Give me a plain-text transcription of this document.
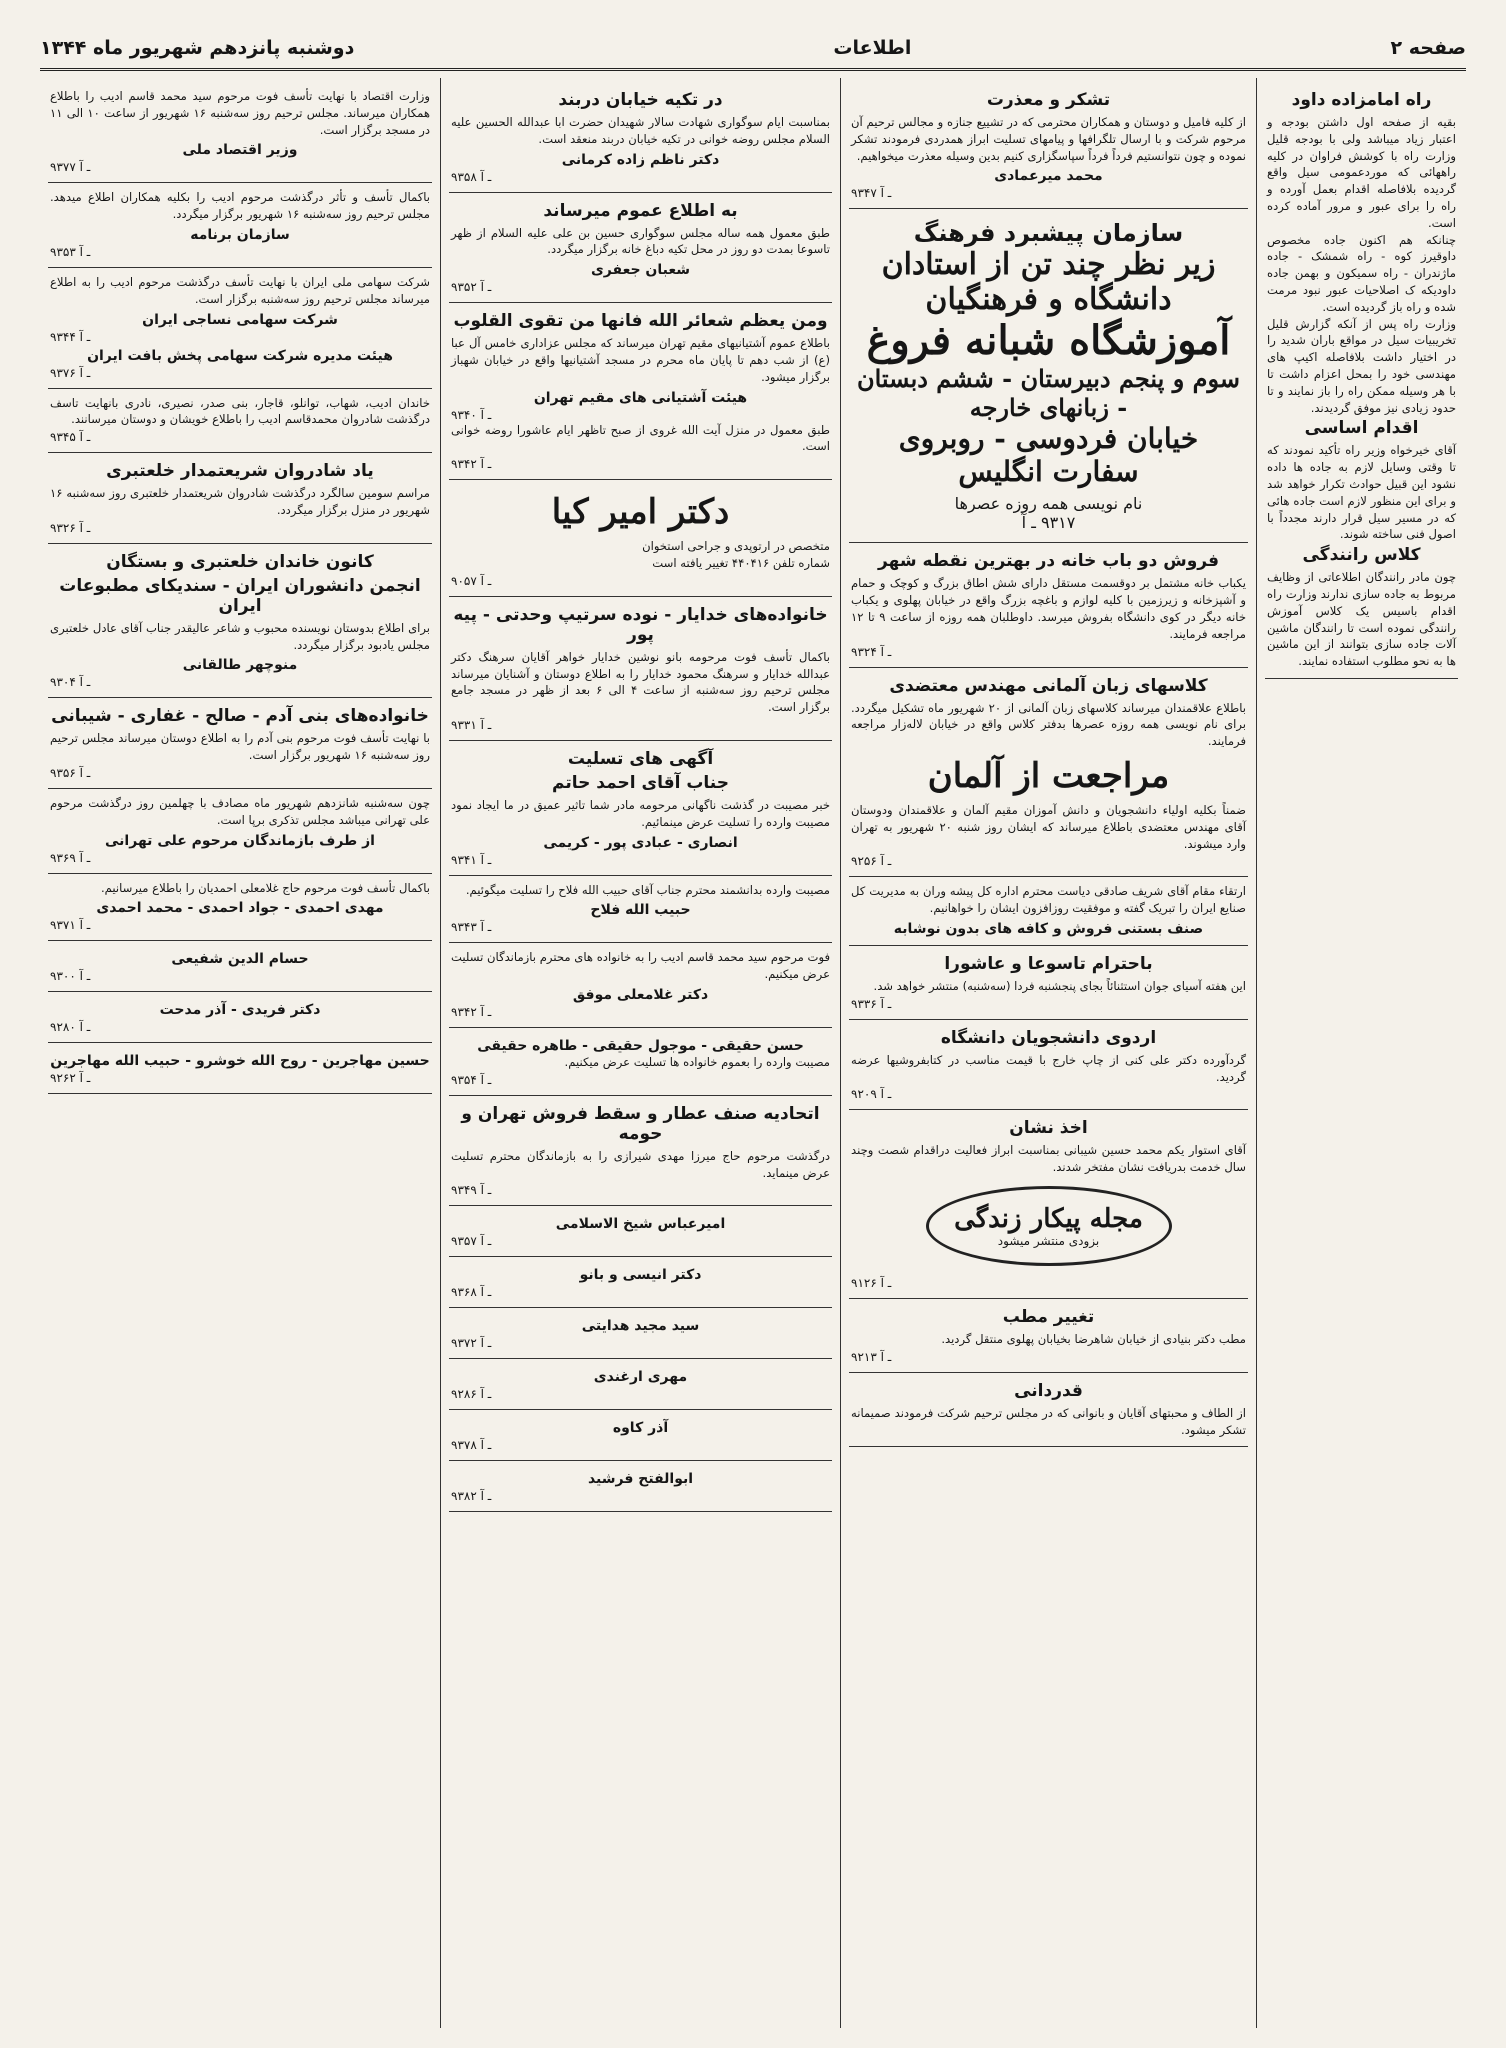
صفحه ۲
اطلاعات
دوشنبه پانزدهم شهریور ماه ۱۳۴۴
راه امامزاده داود

بقیه از صفحه اول داشتن بودجه و اعتبار زیاد میباشد ولی با بودجه قلیل وزارت راه با کوشش فراوان در کلیه راههائی که موردعمومی سیل واقع گردیده بلافاصله اقدام بعمل آورده و راه را برای عبور و مرور آماده کرده است.

چنانکه هم اکنون جاده مخصوص داوقیرز کوه - راه شمشک - جاده ماژندران - راه سمیکون و بهمن جاده داودیکه ک اصلاحیات عبور نبود مرمت شده و راه باز گردیده است.

وزارت راه پس از آنکه گزارش قلیل تخریبیات سیل در مواقع باران شدید را در اختیار داشت بلافاصله اکیپ های مهندسی خود را بمحل اعزام داشت تا با هر وسیله ممکن راه را باز نمایند و تا حدود زیادی نیز موفق گردیدند.

اقدام اساسی

آقای خیرخواه وزیر راه تأکید نمودند که تا وقتی وسایل لازم به جاده ها داده نشود این قبیل حوادث تکرار خواهد شد و برای این منظور لازم است جاده هائی که در مسیر سیل قرار دارند مجدداً با اصول فنی ساخته شوند.

کلاس رانندگی

چون مادر رانندگان اطلاعاتی از وظایف مربوط به جاده سازی ندارند وزارت راه اقدام باسیس یک کلاس آموزش رانندگی نموده است تا رانندگان ماشین آلات جاده سازی بتوانند از این ماشین ها به نحو مطلوب استفاده نمایند.

تشکر و معذرت

از کلیه فامیل و دوستان و همکاران محترمی که در تشییع جنازه و مجالس ترحیم آن مرحوم شرکت و با ارسال تلگرافها و پیامهای تسلیت ابراز همدردی فرمودند تشکر نموده و چون نتوانستیم فرداً فرداً سپاسگزاری کنیم بدین وسیله معذرت میخواهیم.

محمد میرعمادی
۹۳۴۷ ـ آ
سازمان پیشبرد فرهنگ
زیر نظر چند تن از استادان دانشگاه و فرهنگیان
آموزشگاه شبانه فروغ
سوم و پنجم دبیرستان - ششم دبستان - زبانهای خارجه
خیابان فردوسی - روبروی سفارت انگلیس
نام نویسی همه روزه عصرها
۹۳۱۷ ـ آ
فروش دو باب خانه در بهترین نقطه شهر

یکباب خانه مشتمل بر دوقسمت مستقل دارای شش اطاق بزرگ و کوچک و حمام و آشپزخانه و زیرزمین با کلیه لوازم و باغچه بزرگ واقع در خیابان پهلوی و یکباب خانه دیگر در کوی دانشگاه بفروش میرسد. داوطلبان همه روزه از ساعت ۹ تا ۱۲ مراجعه فرمایند.

۹۳۲۴ ـ آ
کلاسهای زبان آلمانی مهندس معتضدی

باطلاع علاقمندان میرساند کلاسهای زبان آلمانی از ۲۰ شهریور ماه تشکیل میگردد. برای نام نویسی همه روزه عصرها بدفتر کلاس واقع در خیابان لاله‌زار مراجعه فرمایند.

مراجعت از آلمان

ضمناً بکلیه اولیاء دانشجویان و دانش آموزان مقیم آلمان و علاقمندان ودوستان آقای مهندس معتضدی باطلاع میرساند که ایشان روز شنبه ۲۰ شهریور به تهران وارد میشوند.

۹۲۵۶ ـ آ

ارتقاء مقام آقای شریف صادقی دیاست محترم اداره کل پیشه وران به مدیریت کل صنایع ایران را تبریک گفته و موفقیت روزافزون ایشان را خواهانیم.

صنف بستنی فروش و کافه های بدون نوشابه
باحترام تاسوعا و عاشورا

این هفته آسیای جوان استثنائاً بجای پنجشنبه فردا (سه‌شنبه) منتشر خواهد شد.

۹۳۳۶ ـ آ
اردوی دانشجویان دانشگاه

گردآورده دکتر علی کنی از چاپ خارج با قیمت مناسب در کتابفروشیها عرضه گردید.

۹۲۰۹ ـ آ
اخذ نشان

آقای استوار یکم محمد حسین شیبانی بمناسبت ابراز فعالیت دراقدام شصت وچند سال خدمت بدریافت نشان مفتخر شدند.

مجله پیکار زندگی
بزودی منتشر میشود
۹۱۲۶ ـ آ
تغییر مطب

مطب دکتر بنیادی از خیابان شاهرضا بخیابان پهلوی منتقل گردید.

۹۲۱۳ ـ آ
قدردانی

از الطاف و محبتهای آقایان و بانوانی که در مجلس ترحیم شرکت فرمودند صمیمانه تشکر میشود.

در تکیه خیابان دربند

بمناسبت ایام سوگواری شهادت سالار شهیدان حضرت ابا عبدالله الحسین علیه السلام مجلس روضه خوانی در تکیه خیابان دربند منعقد است.

دکتر ناظم زاده کرمانی
۹۳۵۸ ـ آ
به اطلاع عموم میرساند

طبق معمول همه ساله مجلس سوگواری حسین بن علی علیه السلام از ظهر تاسوعا بمدت دو روز در محل تکیه دباغ خانه برگزار میگردد.

شعبان جعفری
۹۳۵۲ ـ آ
ومن یعظم شعائر الله فانها من تقوی القلوب

باطلاع عموم آشتیانیهای مقیم تهران میرساند که مجلس عزاداری خامس آل عبا (ع) از شب دهم تا پایان ماه محرم در مسجد آشتیانیها واقع در خیابان شهباز برگزار میشود.

هیئت آشتیانی های مقیم تهران
۹۳۴۰ ـ آ

طبق معمول در منزل آیت الله غروی از صبح تاظهر ایام عاشورا روضه خوانی است.

۹۳۴۲ ـ آ
دکتر امیر کیا

متخصص در ارتوپدی و جراحی استخوان

شماره تلفن ۴۴۰۴۱۶ تغییر یافته است

۹۰۵۷ ـ آ
خانواده‌های خدایار - نوده سرتیپ وحدتی - پیه پور

باکمال تأسف فوت مرحومه بانو نوشین خدایار خواهر آقایان سرهنگ دکتر عبدالله خدایار و سرهنگ محمود خدایار را به اطلاع دوستان و آشنایان میرساند مجلس ترحیم روز سه‌شنبه از ساعت ۴ الی ۶ بعد از ظهر در مسجد جامع برگزار است.

۹۳۳۱ ـ آ
آگهی های تسلیت
جناب آقای احمد حاتم

خبر مصیبت در گذشت ناگهانی مرحومه مادر شما تاثیر عمیق در ما ایجاد نمود مصیبت وارده را تسلیت عرض مینمائیم.

انصاری - عبادی پور - کریمی
۹۳۴۱ ـ آ

مصیبت وارده بدانشمند محترم جناب آقای حبیب الله فلاح را تسلیت میگوئیم.

حبیب الله فلاح
۹۳۴۳ ـ آ

فوت مرحوم سید محمد قاسم ادیب را به خانواده های محترم بازماندگان تسلیت عرض میکنیم.

دکتر غلامعلی موفق
۹۳۴۲ ـ آ
حسن حقیقی - موجول حقیقی - طاهره حقیقی

مصیبت وارده را بعموم خانواده ها تسلیت عرض میکنیم.

۹۳۵۴ ـ آ
اتحادیه صنف عطار و سقط فروش تهران و حومه

درگذشت مرحوم حاج میرزا مهدی شیرازی را به بازماندگان محترم تسلیت عرض مینماید.

۹۳۴۹ ـ آ
امیرعباس شیخ الاسلامی
۹۳۵۷ ـ آ
دکتر انیسی و بانو
۹۳۶۸ ـ آ
سید مجید هدایتی
۹۳۷۲ ـ آ
مهری ارغندی
۹۲۸۶ ـ آ
آذر کاوه
۹۳۷۸ ـ آ
ابوالفتح فرشید
۹۳۸۲ ـ آ

وزارت اقتصاد با نهایت تأسف فوت مرحوم سید محمد قاسم ادیب را باطلاع همکاران میرساند. مجلس ترحیم روز سه‌شنبه ۱۶ شهریور از ساعت ۱۰ الی ۱۱ در مسجد برگزار است.

وزیر اقتصاد ملی
۹۳۷۷ ـ آ

باکمال تأسف و تأثر درگذشت مرحوم ادیب را بکلیه همکاران اطلاع میدهد. مجلس ترحیم روز سه‌شنبه ۱۶ شهریور برگزار میگردد.

سازمان برنامه
۹۳۵۳ ـ آ

شرکت سهامی ملی ایران با نهایت تأسف درگذشت مرحوم ادیب را به اطلاع میرساند مجلس ترحیم روز سه‌شنبه برگزار است.

شرکت سهامی نساجی ایران
۹۳۴۴ ـ آ
هیئت مدیره شرکت سهامی پخش بافت ایران
۹۳۷۶ ـ آ

خاندان ادیب، شهاب، توانلو، قاجار، بنی صدر، نصیری، نادری بانهایت تاسف درگذشت شادروان محمدقاسم ادیب را باطلاع خویشان و دوستان میرسانند.

۹۳۴۵ ـ آ
یاد شادروان شریعتمدار خلعتبری

مراسم سومین سالگرد درگذشت شادروان شریعتمدار خلعتبری روز سه‌شنبه ۱۶ شهریور در منزل برگزار میگردد.

۹۳۲۶ ـ آ
کانون خاندان خلعتبری و بستگان
انجمن دانشوران ایران - سندیکای مطبوعات ایران

برای اطلاع بدوستان نویسنده محبوب و شاعر عالیقدر جناب آقای عادل خلعتبری مجلس یادبود برگزار میگردد.

منوچهر طالقانی
۹۳۰۴ ـ آ
خانواده‌های بنی آدم - صالح - غفاری - شیبانی

با نهایت تأسف فوت مرحوم بنی آدم را به اطلاع دوستان میرساند مجلس ترحیم روز سه‌شنبه ۱۶ شهریور برگزار است.

۹۳۵۶ ـ آ

چون سه‌شنبه شانزدهم شهریور ماه مصادف با چهلمین روز درگذشت مرحوم علی تهرانی میباشد مجلس تذکری برپا است.

از طرف بازماندگان مرحوم علی تهرانی
۹۳۶۹ ـ آ

باکمال تأسف فوت مرحوم حاج غلامعلی احمدیان را باطلاع میرسانیم.

مهدی احمدی - جواد احمدی - محمد احمدی
۹۳۷۱ ـ آ
حسام الدین شفیعی
۹۳۰۰ ـ آ
دکتر فریدی - آذر مدحت
۹۲۸۰ ـ آ
حسین مهاجرین - روح الله خوشرو - حبیب الله مهاجرین
۹۲۶۲ ـ آ
